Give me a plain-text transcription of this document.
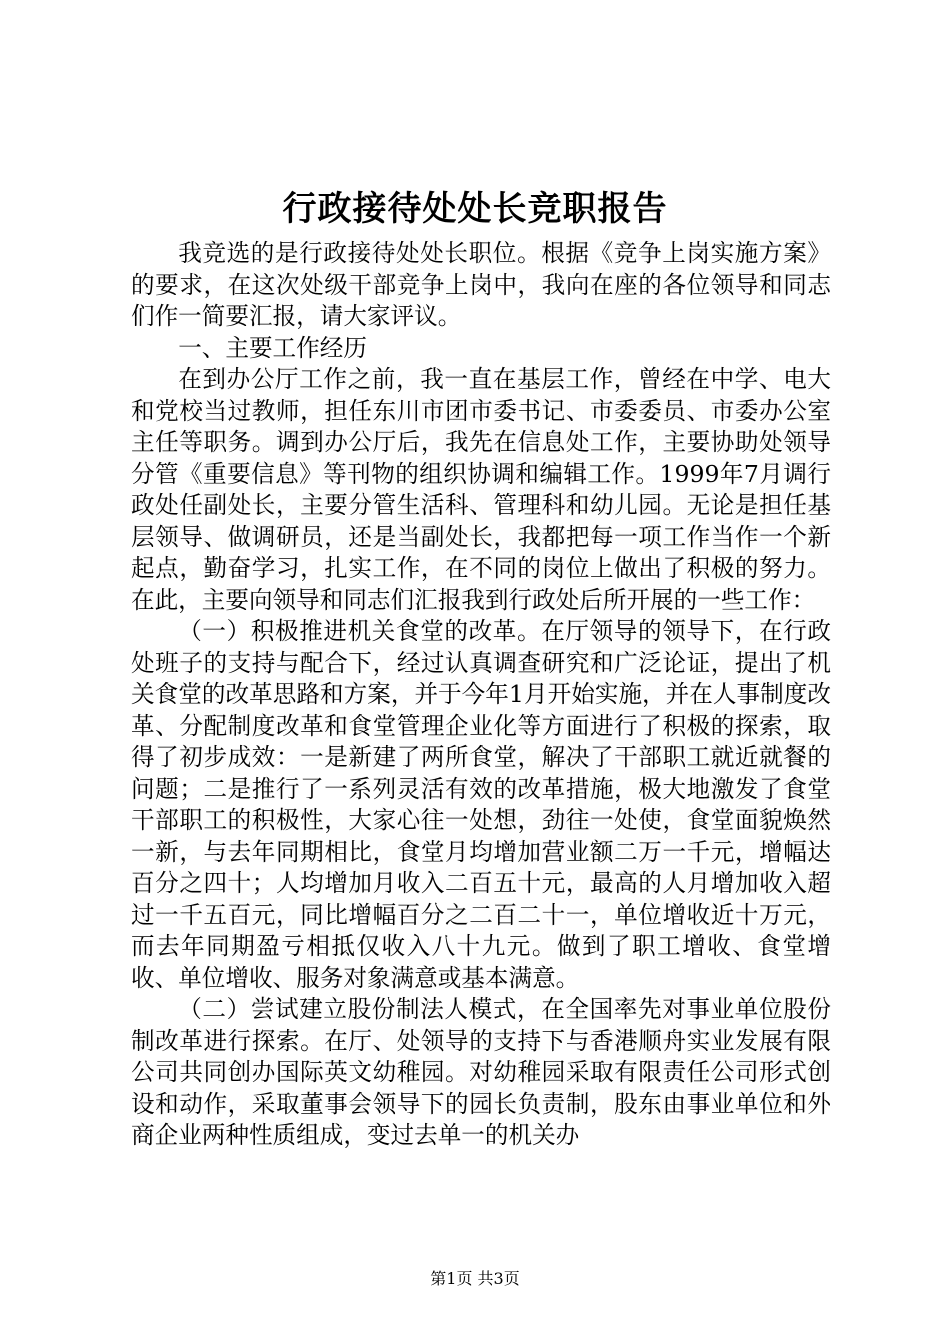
行政接待处处长竞职报告

我竞选的是行政接待处处长职位。根据《竞争上岗实施方案》的要求，在这次处级干部竞争上岗中，我向在座的各位领导和同志们作一简要汇报，请大家评议。

一、主要工作经历

在到办公厅工作之前，我一直在基层工作，曾经在中学、电大和党校当过教师，担任东川市团市委书记、市委委员、市委办公室主任等职务。调到办公厅后，我先在信息处工作，主要协助处领导分管《重要信息》等刊物的组织协调和编辑工作。1999年7月调行政处任副处长，主要分管生活科、管理科和幼儿园。无论是担任基层领导、做调研员，还是当副处长，我都把每一项工作当作一个新起点，勤奋学习，扎实工作，在不同的岗位上做出了积极的努力。在此，主要向领导和同志们汇报我到行政处后所开展的一些工作：

（一）积极推进机关食堂的改革。在厅领导的领导下，在行政处班子的支持与配合下，经过认真调查研究和广泛论证，提出了机关食堂的改革思路和方案，并于今年1月开始实施，并在人事制度改革、分配制度改革和食堂管理企业化等方面进行了积极的探索，取得了初步成效：一是新建了两所食堂，解决了干部职工就近就餐的问题；二是推行了一系列灵活有效的改革措施，极大地激发了食堂干部职工的积极性，大家心往一处想，劲往一处使，食堂面貌焕然一新，与去年同期相比，食堂月均增加营业额二万一千元，增幅达百分之四十；人均增加月收入二百五十元，最高的人月增加收入超过一千五百元，同比增幅百分之二百二十一，单位增收近十万元，而去年同期盈亏相抵仅收入八十九元。做到了职工增收、食堂增收、单位增收、服务对象满意或基本满意。

（二）尝试建立股份制法人模式，在全国率先对事业单位股份制改革进行探索。在厅、处领导的支持下与香港顺舟实业发展有限公司共同创办国际英文幼稚园。对幼稚园采取有限责任公司形式创设和动作，采取董事会领导下的园长负责制，股东由事业单位和外商企业两种性质组成，变过去单一的机关办

第1页 共3页
